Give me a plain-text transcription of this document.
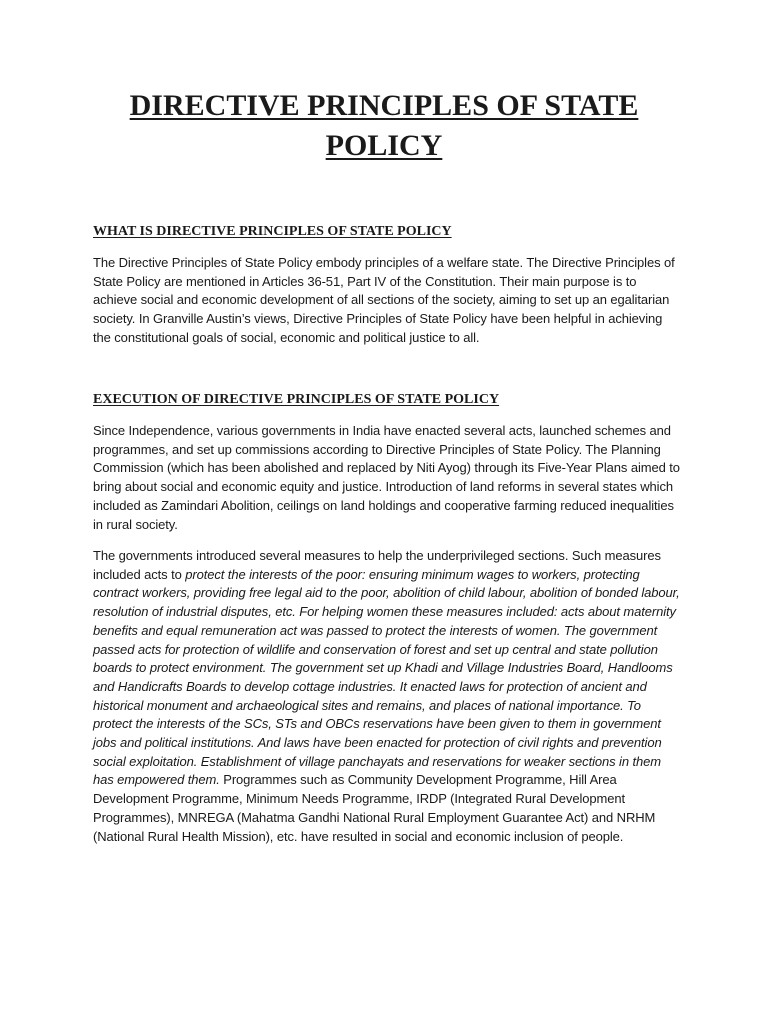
DIRECTIVE PRINCIPLES OF STATE POLICY
WHAT IS DIRECTIVE PRINCIPLES OF STATE POLICY

The Directive Principles of State Policy embody principles of a welfare state. The Directive Principles of State Policy are mentioned in Articles 36-51, Part IV of the Constitution. Their main purpose is to achieve social and economic development of all sections of the society, aiming to set up an egalitarian society. In Granville Austin’s views, Directive Principles of State Policy have been helpful in achieving the constitutional goals of social, economic and political justice to all.

EXECUTION OF DIRECTIVE PRINCIPLES OF STATE POLICY

Since Independence, various governments in India have enacted several acts, launched schemes and programmes, and set up commissions according to Directive Principles of State Policy. The Planning Commission (which has been abolished and replaced by Niti Ayog) through its Five-Year Plans aimed to bring about social and economic equity and justice. Introduction of land reforms in several states which included as Zamindari Abolition, ceilings on land holdings and cooperative farming reduced inequalities in rural society.

The governments introduced several measures to help the underprivileged sections. Such measures included acts to protect the interests of the poor: ensuring minimum wages to workers, protecting contract workers, providing free legal aid to the poor, abolition of child labour, abolition of bonded labour, resolution of industrial disputes, etc. For helping women these measures included: acts about maternity benefits and equal remuneration act was passed to protect the interests of women. The government passed acts for protection of wildlife and conservation of forest and set up central and state pollution boards to protect environment. The government set up Khadi and Village Industries Board, Handlooms and Handicrafts Boards to develop cottage industries. It enacted laws for protection of ancient and historical monument and archaeological sites and remains, and places of national importance. To protect the interests of the SCs, STs and OBCs reservations have been given to them in government jobs and political institutions. And laws have been enacted for protection of civil rights and prevention social exploitation. Establishment of village panchayats and reservations for weaker sections in them has empowered them. Programmes such as Community Development Programme, Hill Area Development Programme, Minimum Needs Programme, IRDP (Integrated Rural Development Programmes), MNREGA (Mahatma Gandhi National Rural Employment Guarantee Act) and NRHM (National Rural Health Mission), etc. have resulted in social and economic inclusion of people.
